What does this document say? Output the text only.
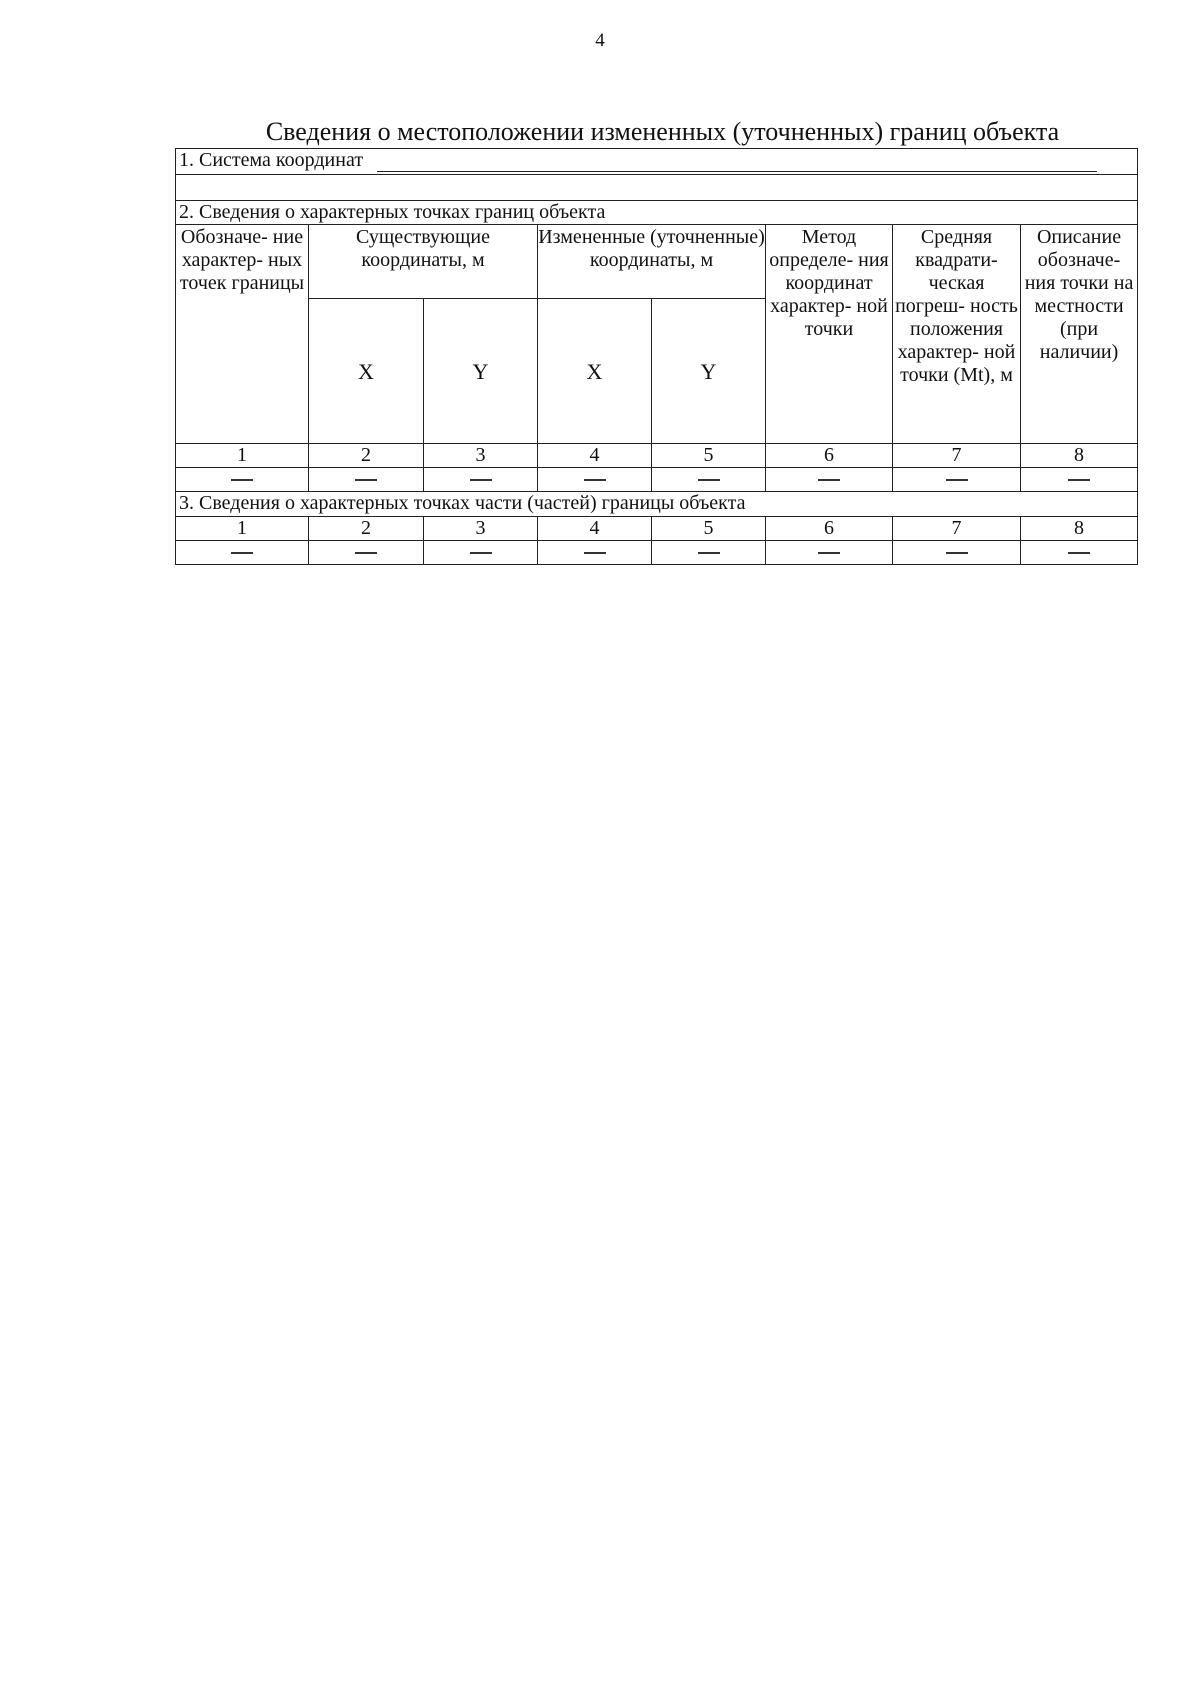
4
Сведения о местоположении измененных (уточненных) границ объекта
1. Система координат							

2. Сведения о характерных точках границ объекта							
Обозначе- ние характер- ных точек границы	Существующие координаты, м		Измененные (уточненные) координаты, м		Метод определе- ния координат характер- ной точки	Средняя квадрати- ческая погреш- ность положения характер- ной точки (Mt), м	Описание обозначе- ния точки на местности (при наличии)
	X	Y	X	Y			
1	2	3	4	5	6	7	8

3. Сведения о характерных точках части (частей) границы объекта							
1	2	3	4	5	6	7	8
